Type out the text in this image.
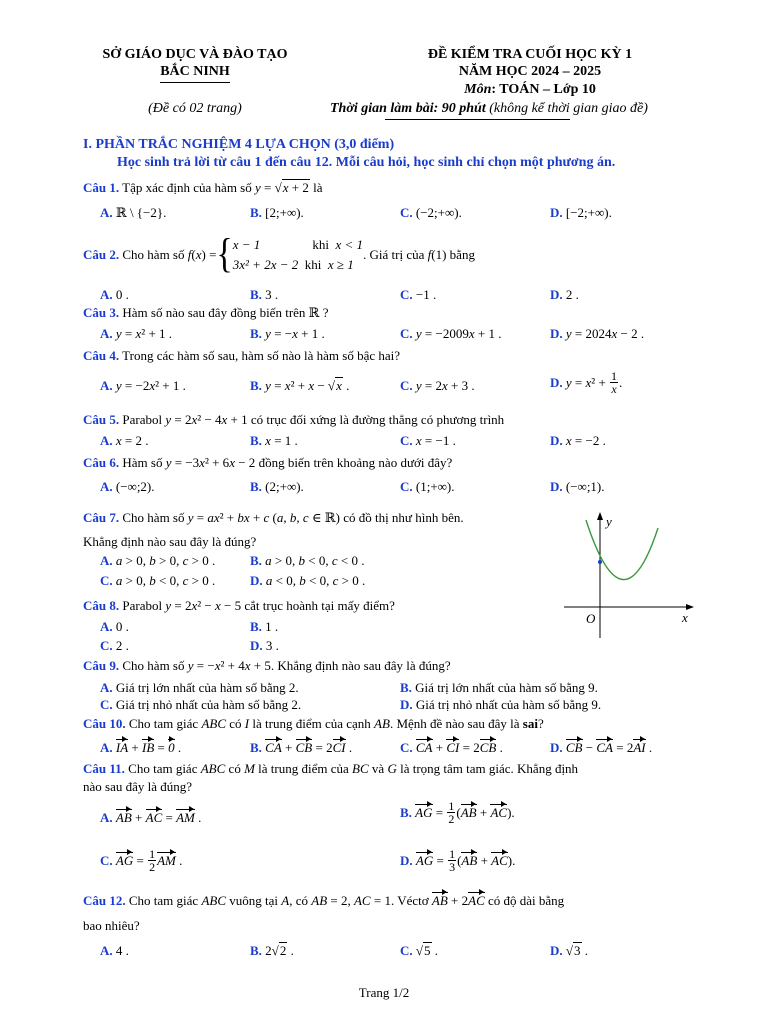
SỞ GIÁO DỤC VÀ ĐÀO TẠO
BẮC NINH
(Đề có 02 trang)
ĐỀ KIỂM TRA CUỐI HỌC KỲ 1
NĂM HỌC 2024 – 2025
Môn: TOÁN – Lớp 10
Thời gian làm bài: 90 phút (không kể thời gian giao đề)
I. PHẦN TRẮC NGHIỆM 4 LỰA CHỌN (3,0 điểm)
Học sinh trả lời từ câu 1 đến câu 12. Mỗi câu hỏi, học sinh chỉ chọn một phương án.
Câu 1. Tập xác định của hàm số y = √x + 2 là
A. ℝ \ {−2}.	B. [2;+∞).	C. (−2;+∞).	D. [−2;+∞).
Câu 2.
Cho hàm số
f ( x ) = { x − 1                khi x < 1
3x² + 2x − 2  khi x ≥ 1
. Giá trị của
f (1) bằng
A. 0 .	B. 3 .	C. −1 .	D. 2 .
Câu 3. Hàm số nào sau đây đồng biến trên ℝ ?
A. y = x² + 1 .	B. y = −x + 1 .	C. y = −2009x + 1 .	D. y = 2024x − 2 .
Câu 4. Trong các hàm số sau, hàm số nào là hàm số bậc hai?
A. y = −2x² + 1 .	B. y = x² + x − √x .	C. y = 2x + 3 .	D.
y = x $^2 + \frac{1}{x}$ .
Câu 5. Parabol y = 2x² − 4x + 1 có trục đối xứng là đường thẳng có phương trình
A. x = 2 .	B. x = 1 .	C. x = −1 .	D. x = −2 .
Câu 6. Hàm số y = −3x² + 6x − 2 đồng biến trên khoảng nào dưới đây?
A. (−∞;2).	B. (2;+∞).	C. (1;+∞).	D. (−∞;1).
Câu 7. Cho hàm số y = ax² + bx + c (a, b, c ∈ ℝ) có đồ thị như hình bên.
Khẳng định nào sau đây là đúng?
A. a > 0, b > 0, c > 0 .	B. a > 0, b < 0, c < 0 .
C. a > 0, b < 0, c > 0 .	D. a < 0, b < 0, c > 0 .
y
x
O
Câu 8. Parabol y = 2x² − x − 5 cắt trục hoành tại mấy điểm?
A. 0 .	B. 1 .
C. 2 .	D. 3 .
Câu 9. Cho hàm số y = −x² + 4x + 5. Khẳng định nào sau đây là đúng?
A. Giá trị lớn nhất của hàm số bằng 2.	B. Giá trị lớn nhất của hàm số bằng 9.
C. Giá trị nhỏ nhất của hàm số bằng 2.	D. Giá trị nhỏ nhất của hàm số bằng 9.
Câu 10. Cho tam giác ABC có I là trung điểm của cạnh AB. Mệnh đề nào sau đây là sai?
A. IA + IB = 0 .	B. CA + CB = 2CI .	C. CA + CI = 2CB .	D. CB − CA = 2AI .
Câu 11. Cho tam giác ABC có M là trung điểm của BC và G là trọng tâm tam giác. Khẳng định
nào sau đây là đúng?
A. AB + AC = AM .	B.
AG = $\frac{1}{2}$ ( AB + AC ).
C.
AG = $\frac{1}{2}$ AM .	D.
AG = $\frac{1}{3}$ ( AB + AC ).
Câu 12. Cho tam giác ABC vuông tại A, có AB = 2, AC = 1. Véctơ AB + 2AC có độ dài bằng
bao nhiêu?
A. 4 .	B. 2√2 .	C. √5 .	D. √3 .
Trang 1/2
